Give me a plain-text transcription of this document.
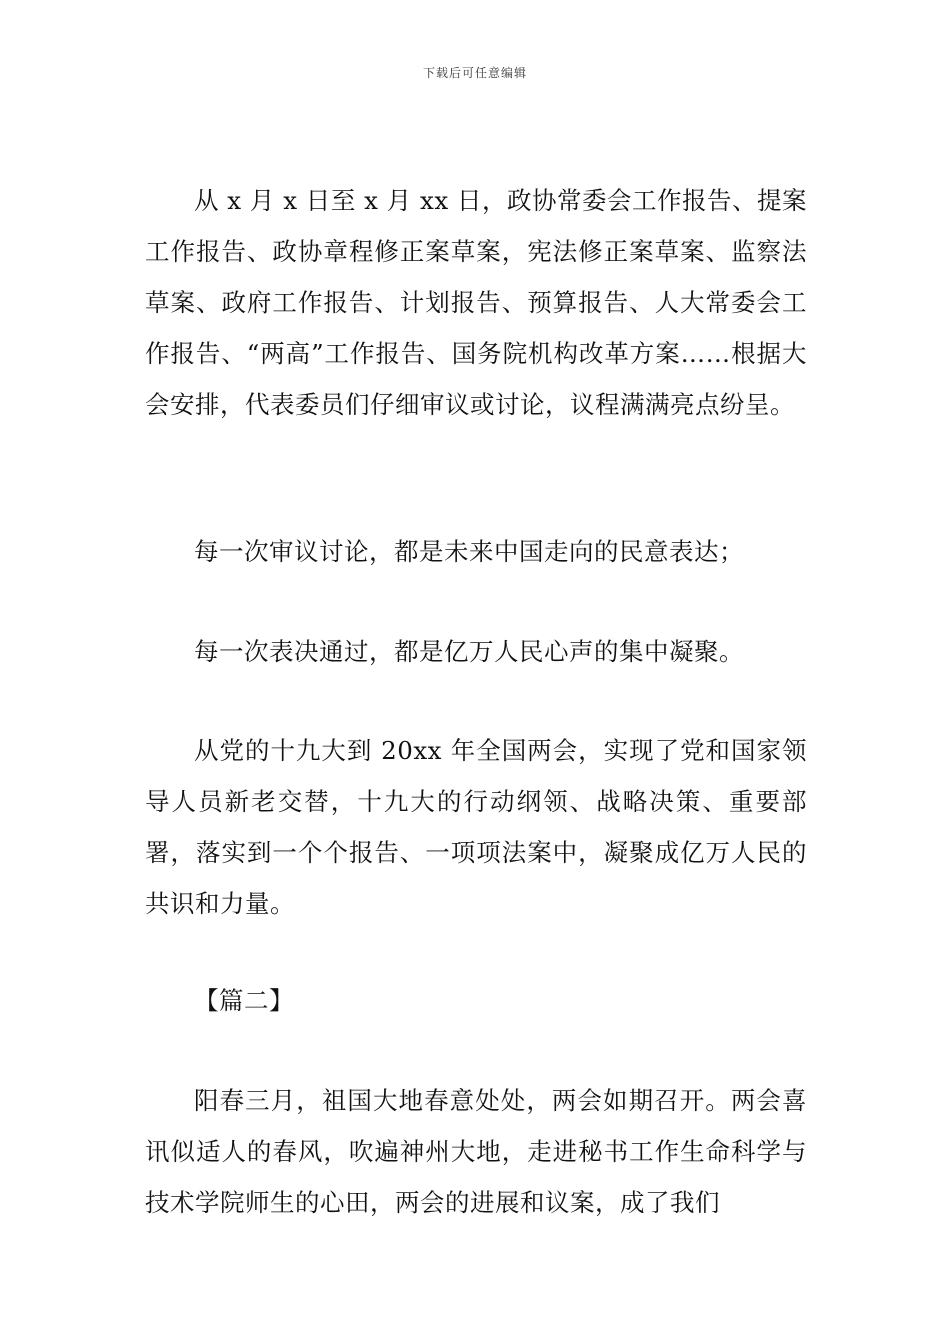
下载后可任意编辑

从 x 月 x 日至 x 月 xx 日，政协常委会工作报告、提案工作报告、政协章程修正案草案，宪法修正案草案、监察法草案、政府工作报告、计划报告、预算报告、人大常委会工作报告、“两高”工作报告、国务院机构改革方案……根据大会安排，代表委员们仔细审议或讨论，议程满满亮点纷呈。

每一次审议讨论，都是未来中国走向的民意表达；

每一次表决通过，都是亿万人民心声的集中凝聚。

从党的十九大到 20xx 年全国两会，实现了党和国家领导人员新老交替，十九大的行动纲领、战略决策、重要部署，落实到一个个报告、一项项法案中，凝聚成亿万人民的共识和力量。

【篇二】

阳春三月，祖国大地春意处处，两会如期召开。两会喜讯似适人的春风，吹遍神州大地，走进秘书工作生命科学与技术学院师生的心田，两会的进展和议案，成了我们
